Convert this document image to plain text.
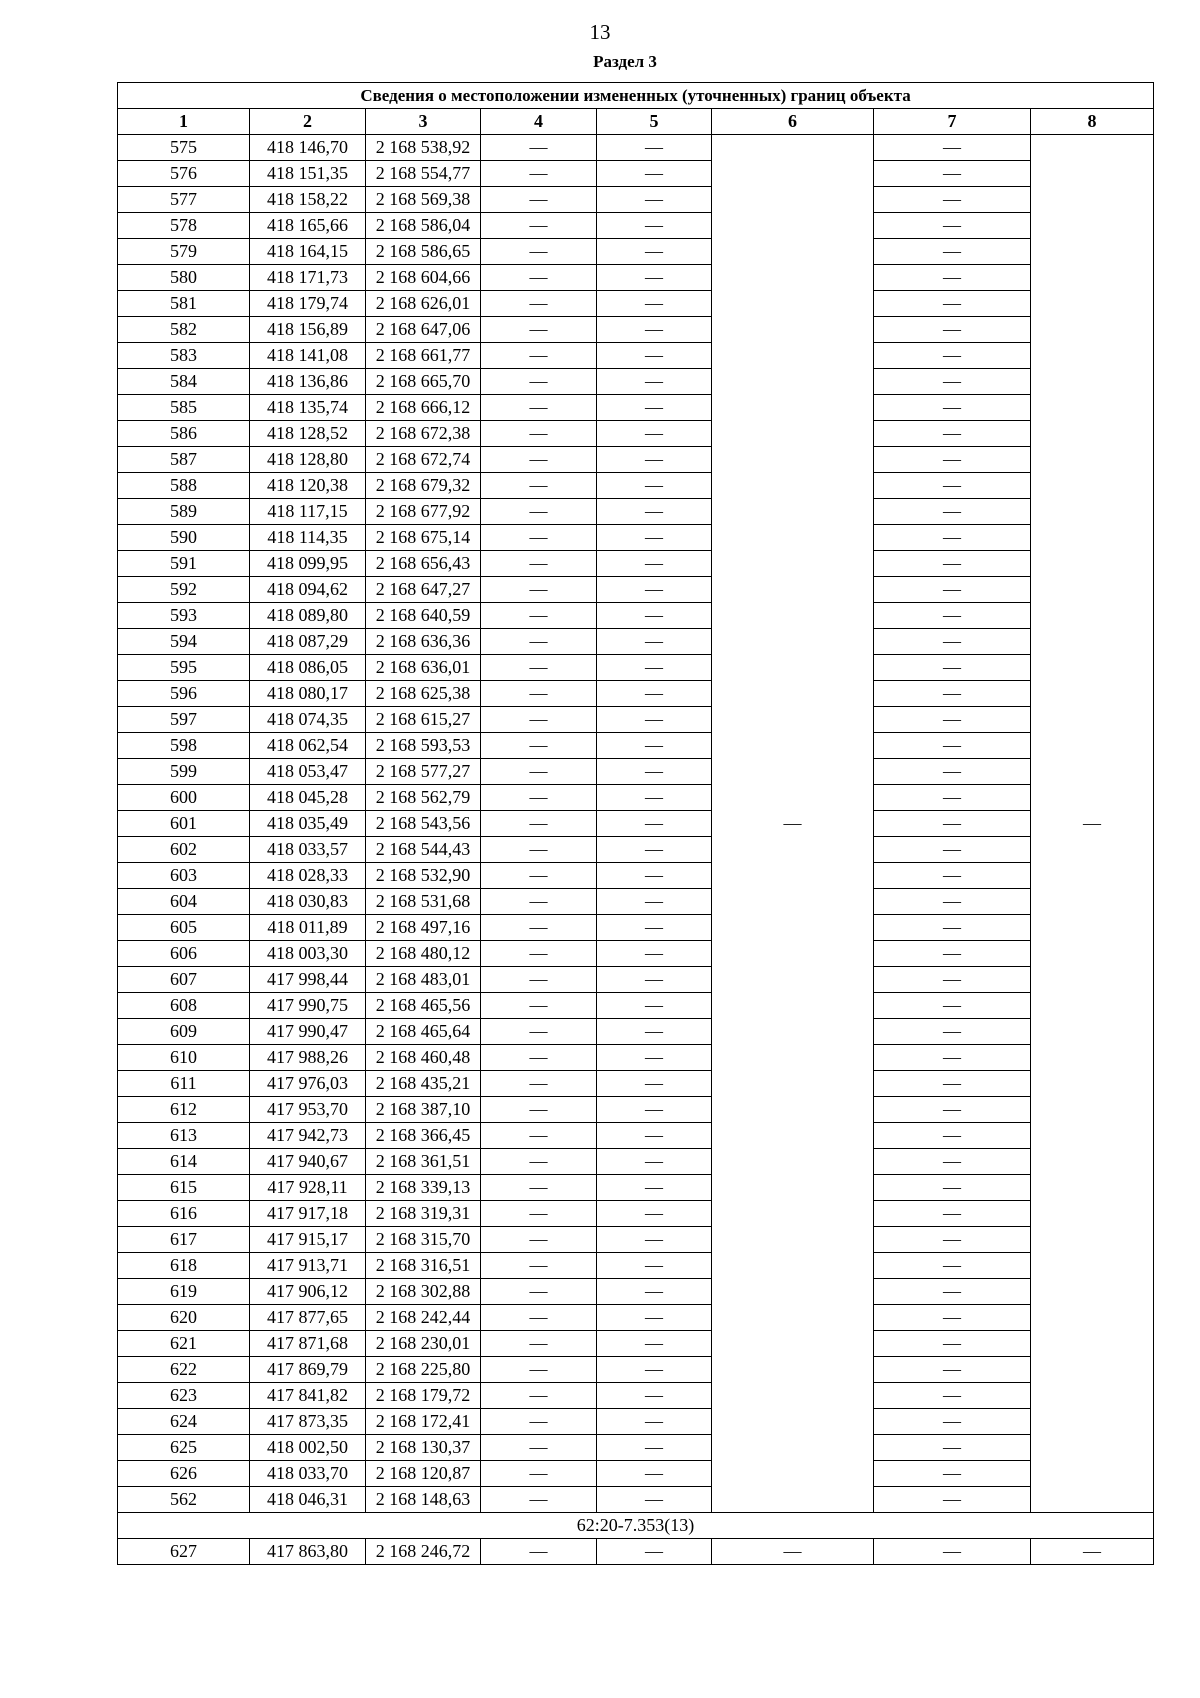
13
Раздел 3
Сведения о местоположении измененных (уточненных) границ объекта							
1	2	3	4	5	6	7	8
575	418 146,70	2 168 538,92	—	—	—	—	—
576	418 151,35	2 168 554,77	—	—		—	
577	418 158,22	2 168 569,38	—	—		—	
578	418 165,66	2 168 586,04	—	—		—	
579	418 164,15	2 168 586,65	—	—		—	
580	418 171,73	2 168 604,66	—	—		—	
581	418 179,74	2 168 626,01	—	—		—	
582	418 156,89	2 168 647,06	—	—		—	
583	418 141,08	2 168 661,77	—	—		—	
584	418 136,86	2 168 665,70	—	—		—	
585	418 135,74	2 168 666,12	—	—		—	
586	418 128,52	2 168 672,38	—	—		—	
587	418 128,80	2 168 672,74	—	—		—	
588	418 120,38	2 168 679,32	—	—		—	
589	418 117,15	2 168 677,92	—	—		—	
590	418 114,35	2 168 675,14	—	—		—	
591	418 099,95	2 168 656,43	—	—		—	
592	418 094,62	2 168 647,27	—	—		—	
593	418 089,80	2 168 640,59	—	—		—	
594	418 087,29	2 168 636,36	—	—		—	
595	418 086,05	2 168 636,01	—	—		—	
596	418 080,17	2 168 625,38	—	—		—	
597	418 074,35	2 168 615,27	—	—		—	
598	418 062,54	2 168 593,53	—	—		—	
599	418 053,47	2 168 577,27	—	—		—	
600	418 045,28	2 168 562,79	—	—		—	
601	418 035,49	2 168 543,56	—	—		—	
602	418 033,57	2 168 544,43	—	—		—	
603	418 028,33	2 168 532,90	—	—		—	
604	418 030,83	2 168 531,68	—	—		—	
605	418 011,89	2 168 497,16	—	—		—	
606	418 003,30	2 168 480,12	—	—		—	
607	417 998,44	2 168 483,01	—	—		—	
608	417 990,75	2 168 465,56	—	—		—	
609	417 990,47	2 168 465,64	—	—		—	
610	417 988,26	2 168 460,48	—	—		—	
611	417 976,03	2 168 435,21	—	—		—	
612	417 953,70	2 168 387,10	—	—		—	
613	417 942,73	2 168 366,45	—	—		—	
614	417 940,67	2 168 361,51	—	—		—	
615	417 928,11	2 168 339,13	—	—		—	
616	417 917,18	2 168 319,31	—	—		—	
617	417 915,17	2 168 315,70	—	—		—	
618	417 913,71	2 168 316,51	—	—		—	
619	417 906,12	2 168 302,88	—	—		—	
620	417 877,65	2 168 242,44	—	—		—	
621	417 871,68	2 168 230,01	—	—		—	
622	417 869,79	2 168 225,80	—	—		—	
623	417 841,82	2 168 179,72	—	—		—	
624	417 873,35	2 168 172,41	—	—		—	
625	418 002,50	2 168 130,37	—	—		—	
626	418 033,70	2 168 120,87	—	—		—	
562	418 046,31	2 168 148,63	—	—		—	
62:20-7.353(13)							
627	417 863,80	2 168 246,72	—	—	—	—	—
